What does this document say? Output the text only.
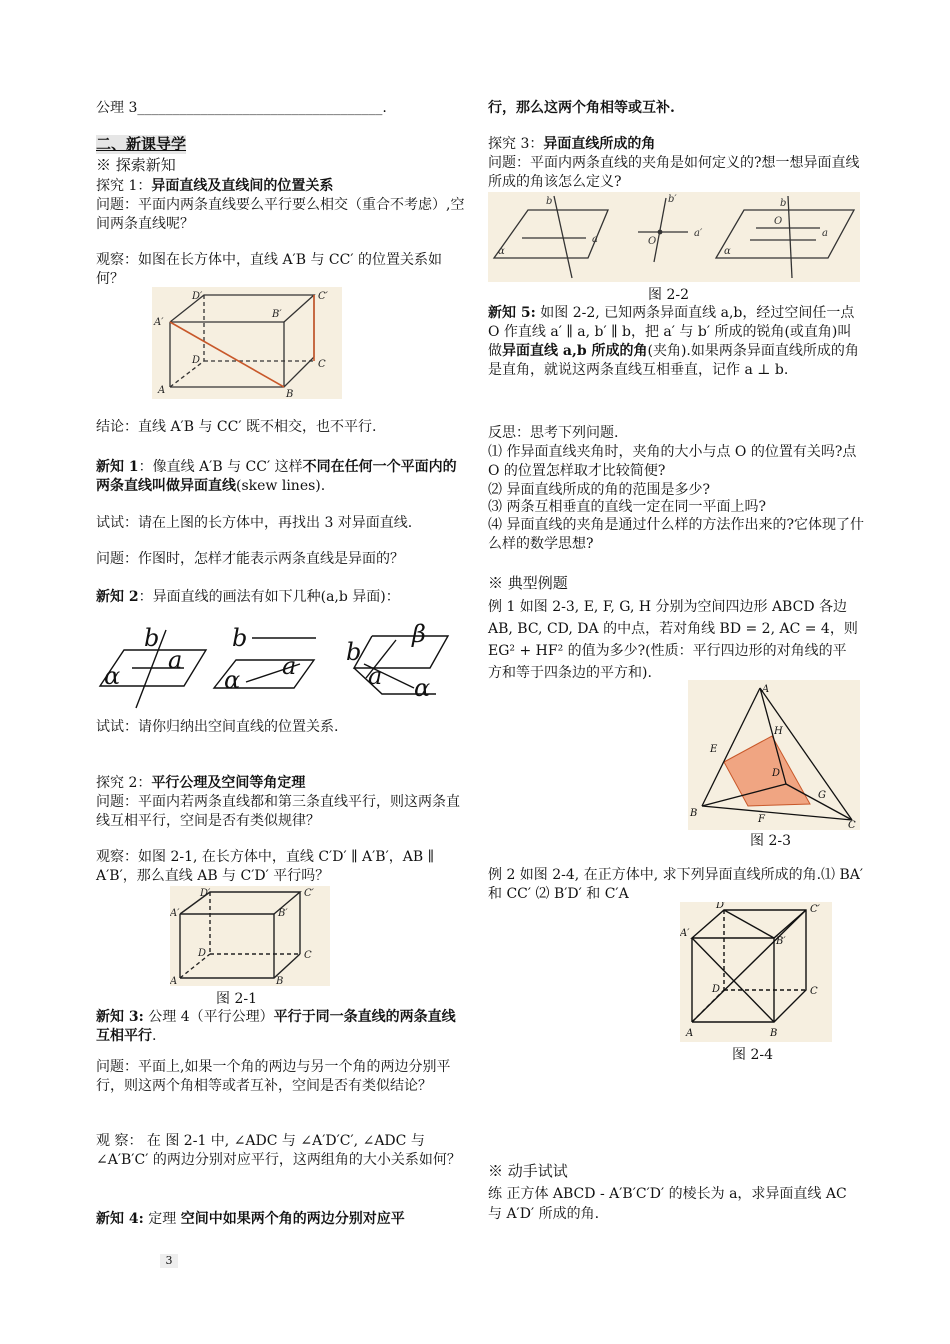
公理 3___________________________________.
二、新课导学
※ 探索新知
探究 1：异面直线及直线间的位置关系
问题：平面内两条直线要么平行要么相交（重合不考虑）,空间两条直线呢？
观察：如图在长方体中，直线 A′B 与 CC′ 的位置关系如何？
A′
D′	C′
B′
D	C
A	B
结论：直线 A′B 与 CC′ 既不相交，也不平行.
新知 1：像直线 A′B 与 CC′ 这样不同在任何一个平面内的两条直线叫做异面直线(skew lines).
试试：请在上图的长方体中，再找出 3 对异面直线.
问题：作图时，怎样才能表示两条直线是异面的？
新知 2：异面直线的画法有如下几种(a,b 异面)：
b
a
α
b
a
α
β
b
a α
试试：请你归纳出空间直线的位置关系.
探究 2：平行公理及空间等角定理
问题：平面内若两条直线都和第三条直线平行，则这两条直线互相平行，空间是否有类似规律？
观察：如图 2-1, 在长方体中，直线 C′D′ ∥ A′B′，AB ∥ A′B′，那么直线 AB 与 C′D′ 平行吗？
A′
D′	C′
B′
D	C
A	B
图 2-1
新知 3: 公理 4（平行公理）平行于同一条直线的两条直线互相平行.
问题：平面上,如果一个角的两边与另一个角的两边分别平行，则这两个角相等或者互补，空间是否有类似结论？
观 察： 在 图 2-1 中, ∠ADC 与 ∠A′D′C′, ∠ADC 与 ∠A′B′C′ 的两边分别对应平行，这两组角的大小关系如何？
新知 4: 定理 空间中如果两个角的两边分别对应平
3
行，那么这两个角相等或互补.
探究 3：异面直线所成的角
问题：平面内两条直线的夹角是如何定义的?想一想异面直线所成的角该怎么定义?
b
a
α
b′
O
a′
b
O
a
α
图 2-2
新知 5: 如图 2-2, 已知两条异面直线 a,b，经过空间任一点 O 作直线 a′ ∥ a, b′ ∥ b，把 a′ 与 b′ 所成的锐角(或直角)叫做异面直线 a,b 所成的角(夹角).如果两条异面直线所成的角是直角，就说这两条直线互相垂直，记作 a ⊥ b.
反思：思考下列问题.
⑴ 作异面直线夹角时，夹角的大小与点 O 的位置有关吗?点 O 的位置怎样取才比较简便?
⑵ 异面直线所成的角的范围是多少?
⑶ 两条互相垂直的直线一定在同一平面上吗?
⑷ 异面直线的夹角是通过什么样的方法作出来的?它体现了什么样的数学思想?
※ 典型例题
例 1 如图 2-3, E, F, G, H 分别为空间四边形 ABCD 各边 AB, BC, CD, DA 的中点，若对角线 BD = 2, AC = 4，则 EG² + HF² 的值为多少?(性质：平行四边形的对角线的平方和等于四条边的平方和).
A
E
H
D
G
F
B
C
图 2-3
例 2 如图 2-4, 在正方体中, 求下列异面直线所成的角.⑴ BA′ 和 CC′ ⑵ B′D′ 和 C′A
A′
D′	C′
B′
D	C
A	B
图 2-4
※ 动手试试
练 正方体 ABCD - A′B′C′D′ 的棱长为 a，求异面直线 AC 与 A′D′ 所成的角.
